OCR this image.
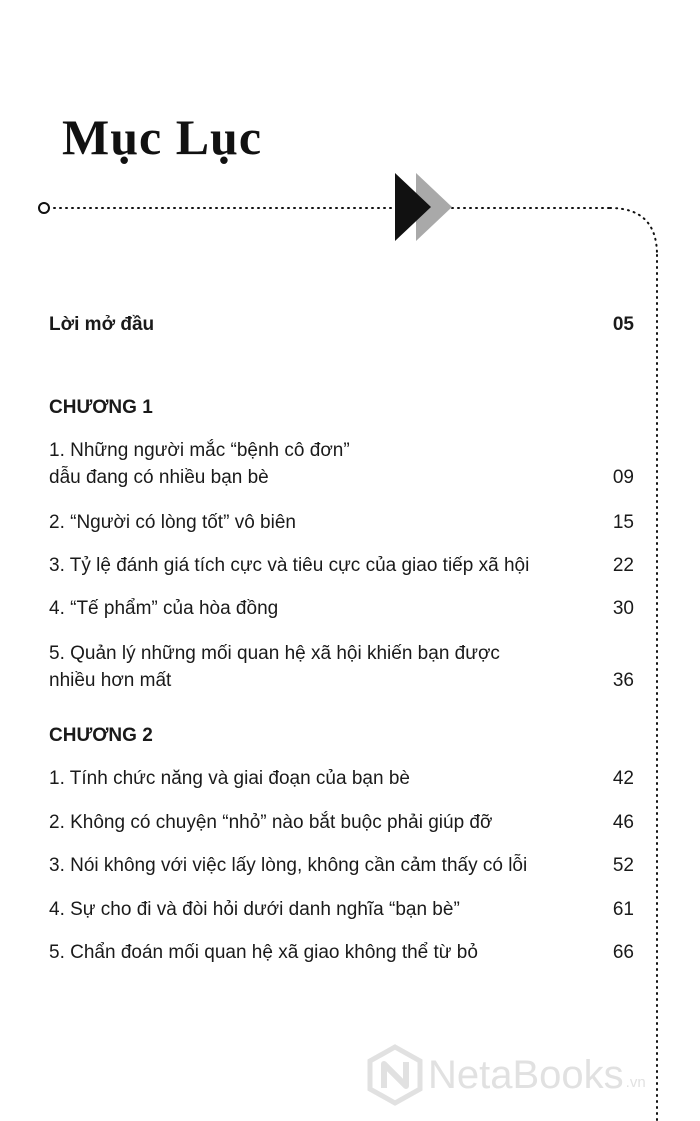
Mục Lục
Lời mở đầu	05
CHƯƠNG 1
1. Những người mắc “bệnh cô đơn”
dẫu đang có nhiều bạn bè	09
2. “Người có lòng tốt” vô biên	15
3. Tỷ lệ đánh giá tích cực và tiêu cực của giao tiếp xã hội	22
4. “Tế phẩm” của hòa đồng	30
5. Quản lý những mối quan hệ xã hội khiến bạn được
nhiều hơn mất	36
CHƯƠNG 2
1. Tính chức năng và giai đoạn của bạn bè	42
2. Không có chuyện “nhỏ” nào bắt buộc phải giúp đỡ	46
3. Nói không với việc lấy lòng, không cần cảm thấy có lỗi	52
4. Sự cho đi và đòi hỏi dưới danh nghĩa “bạn bè”	61
5. Chẩn đoán mối quan hệ xã giao không thể từ bỏ	66
NetaBooks .vn
